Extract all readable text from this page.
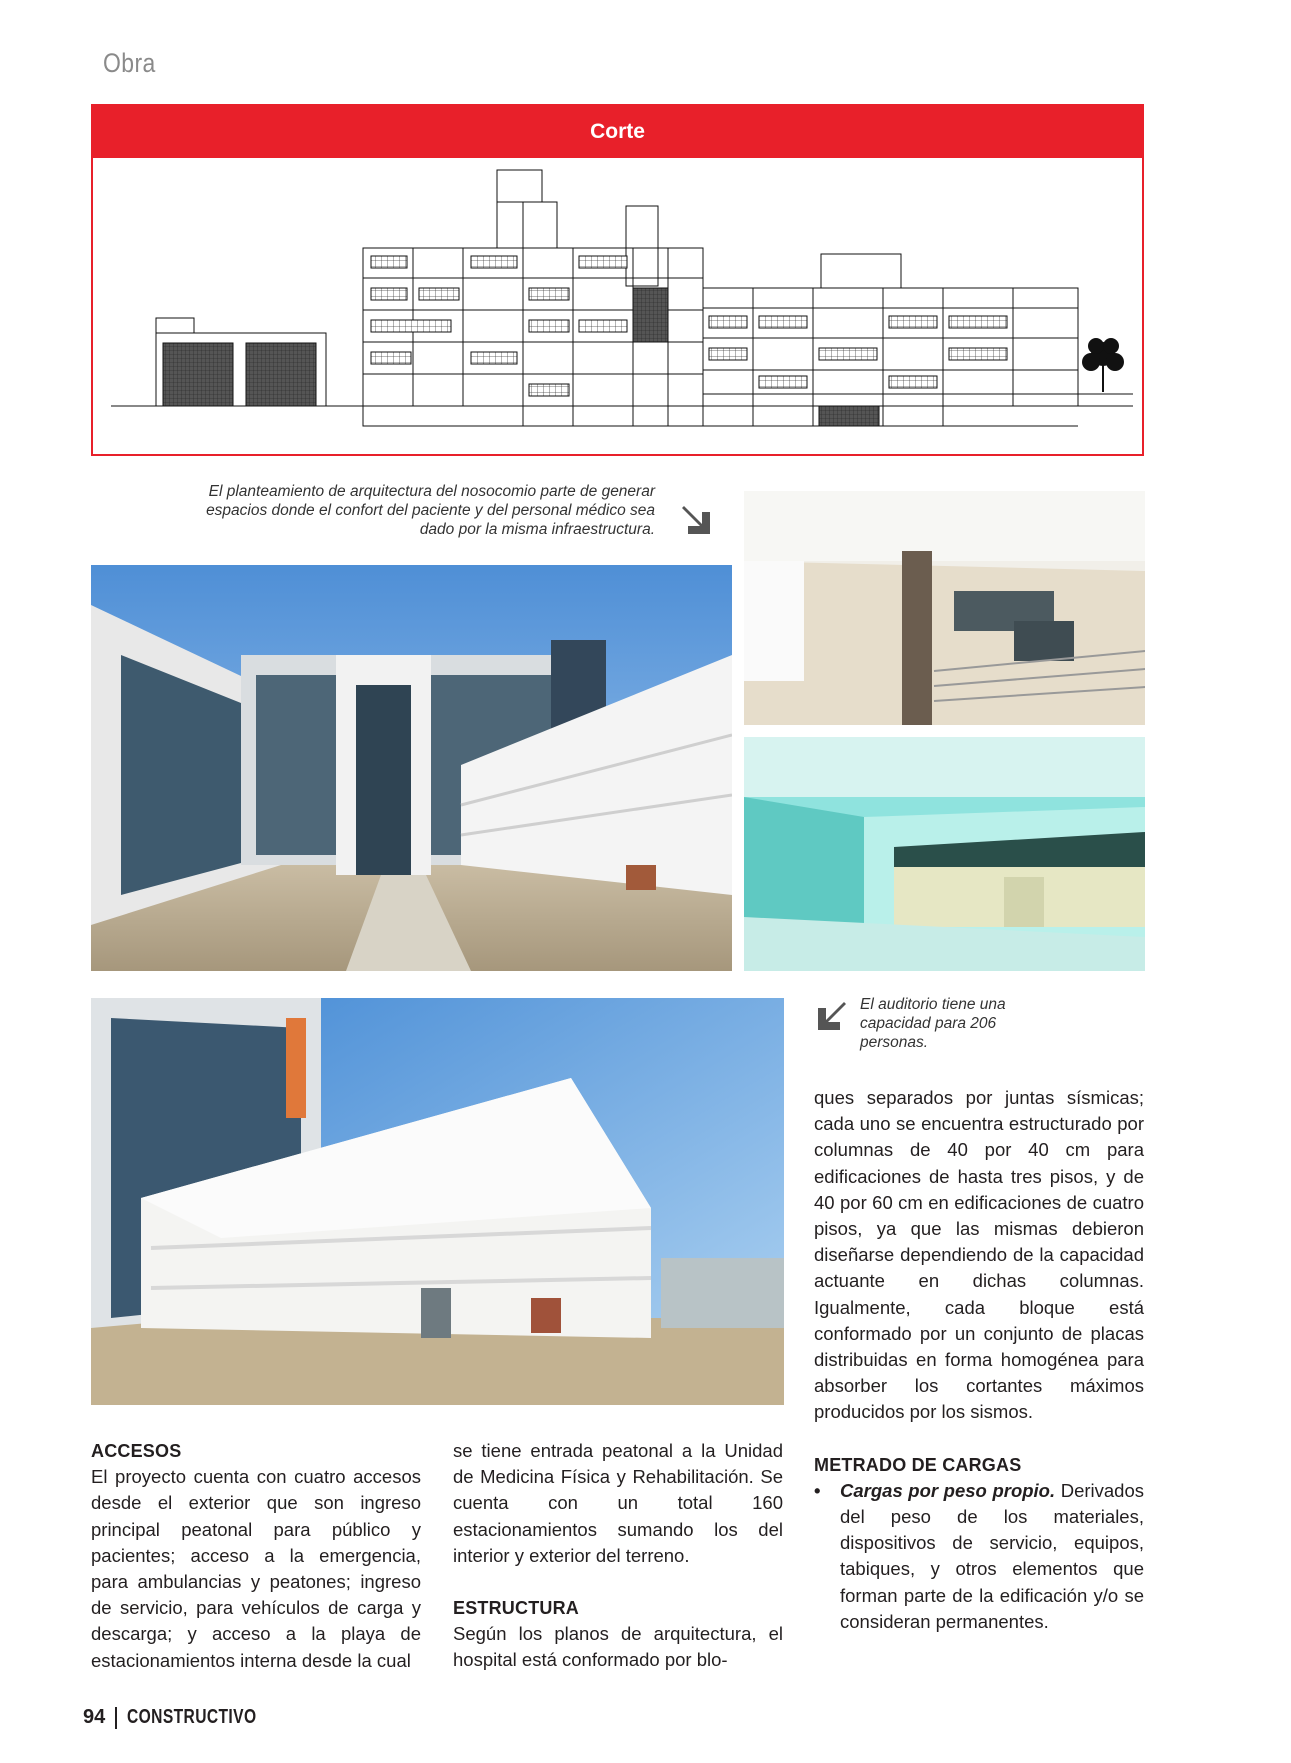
Obra
Corte
El planteamiento de arquitectura del nosocomio parte de generar espacios donde el confort del paciente y del personal médico sea dado por la misma infraestructura.
El auditorio tiene una capacidad para 206 personas.
ACCESOS

El proyecto cuenta con cuatro accesos desde el exterior que son ingreso principal peatonal para público y pacientes; acceso a la emergencia, para ambulancias y peatones; ingreso de servicio, para vehículos de carga y descarga; y acceso a la playa de estacionamientos interna desde la cual

se tiene entrada peatonal a la Unidad de Medicina Física y Rehabilitación. Se cuenta con un total 160 estacionamientos sumando los del interior y exterior del terreno.

ESTRUCTURA

Según los planos de arquitectura, el hospital está conformado por blo-

ques separados por juntas sísmicas; cada uno se encuentra estructurado por columnas de 40 por 40 cm para edificaciones de hasta tres pisos, y de 40 por 60 cm en edificaciones de cuatro pisos, ya que las mismas debieron diseñarse dependiendo de la capacidad actuante en dichas columnas. Igualmente, cada bloque está conformado por un conjunto de placas distribuidas en forma homogénea para absorber los cortantes máximos producidos por los sismos.

METRADO DE CARGAS
•	Cargas por peso propio. Derivados del peso de los materiales, dispositivos de servicio, equipos, tabiques, y otros elementos que forman parte de la edificación y/o se consideran permanentes.
94 CONSTRUCTIVO
